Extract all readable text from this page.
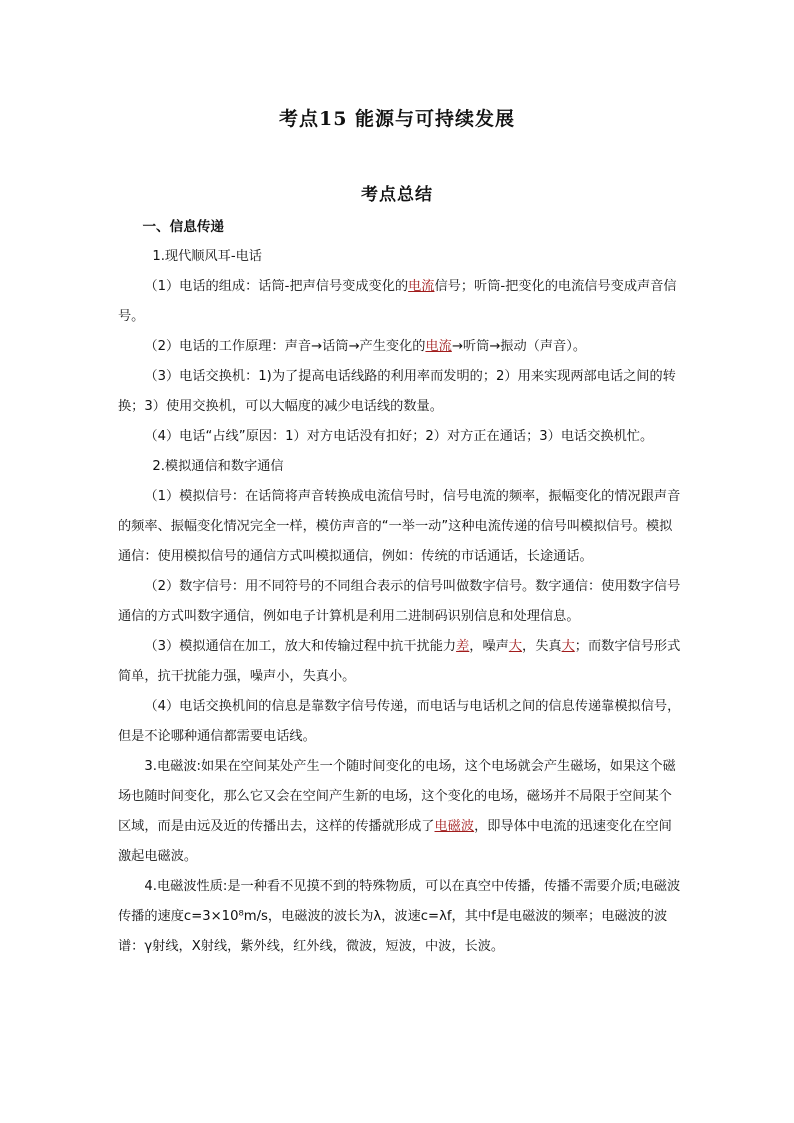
考点15 能源与可持续发展
考点总结

一、信息传递

1.现代顺风耳-电话

（1）电话的组成：话筒-把声信号变成变化的电流信号；听筒-把变化的电流信号变成声音信号。

（2）电话的工作原理：声音→话筒→产生变化的电流→听筒→振动（声音）。

（3）电话交换机：1)为了提高电话线路的利用率而发明的；2）用来实现两部电话之间的转换；3）使用交换机，可以大幅度的减少电话线的数量。

（4）电话“占线”原因：1）对方电话没有扣好；2）对方正在通话；3）电话交换机忙。

2.模拟通信和数字通信

（1）模拟信号：在话筒将声音转换成电流信号时，信号电流的频率，振幅变化的情况跟声音的频率、振幅变化情况完全一样，模仿声音的“一举一动”这种电流传递的信号叫模拟信号。模拟通信：使用模拟信号的通信方式叫模拟通信，例如：传统的市话通话，长途通话。

（2）数字信号：用不同符号的不同组合表示的信号叫做数字信号。数字通信：使用数字信号通信的方式叫数字通信，例如电子计算机是利用二进制码识别信息和处理信息。

（3）模拟通信在加工，放大和传输过程中抗干扰能力差，噪声大，失真大；而数字信号形式简单，抗干扰能力强，噪声小，失真小。

（4）电话交换机间的信息是靠数字信号传递，而电话与电话机之间的信息传递靠模拟信号，但是不论哪种通信都需要电话线。

3.电磁波:如果在空间某处产生一个随时间变化的电场，这个电场就会产生磁场，如果这个磁场也随时间变化，那么它又会在空间产生新的电场，这个变化的电场，磁场并不局限于空间某个区域，而是由远及近的传播出去，这样的传播就形成了电磁波，即导体中电流的迅速变化在空间激起电磁波。

4.电磁波性质:是一种看不见摸不到的特殊物质，可以在真空中传播，传播不需要介质;电磁波传播的速度c=3×10⁸m/s，电磁波的波长为λ，波速c=λf，其中f是电磁波的频率；电磁波的波谱：γ射线，X射线，紫外线，红外线，微波，短波，中波，长波。
